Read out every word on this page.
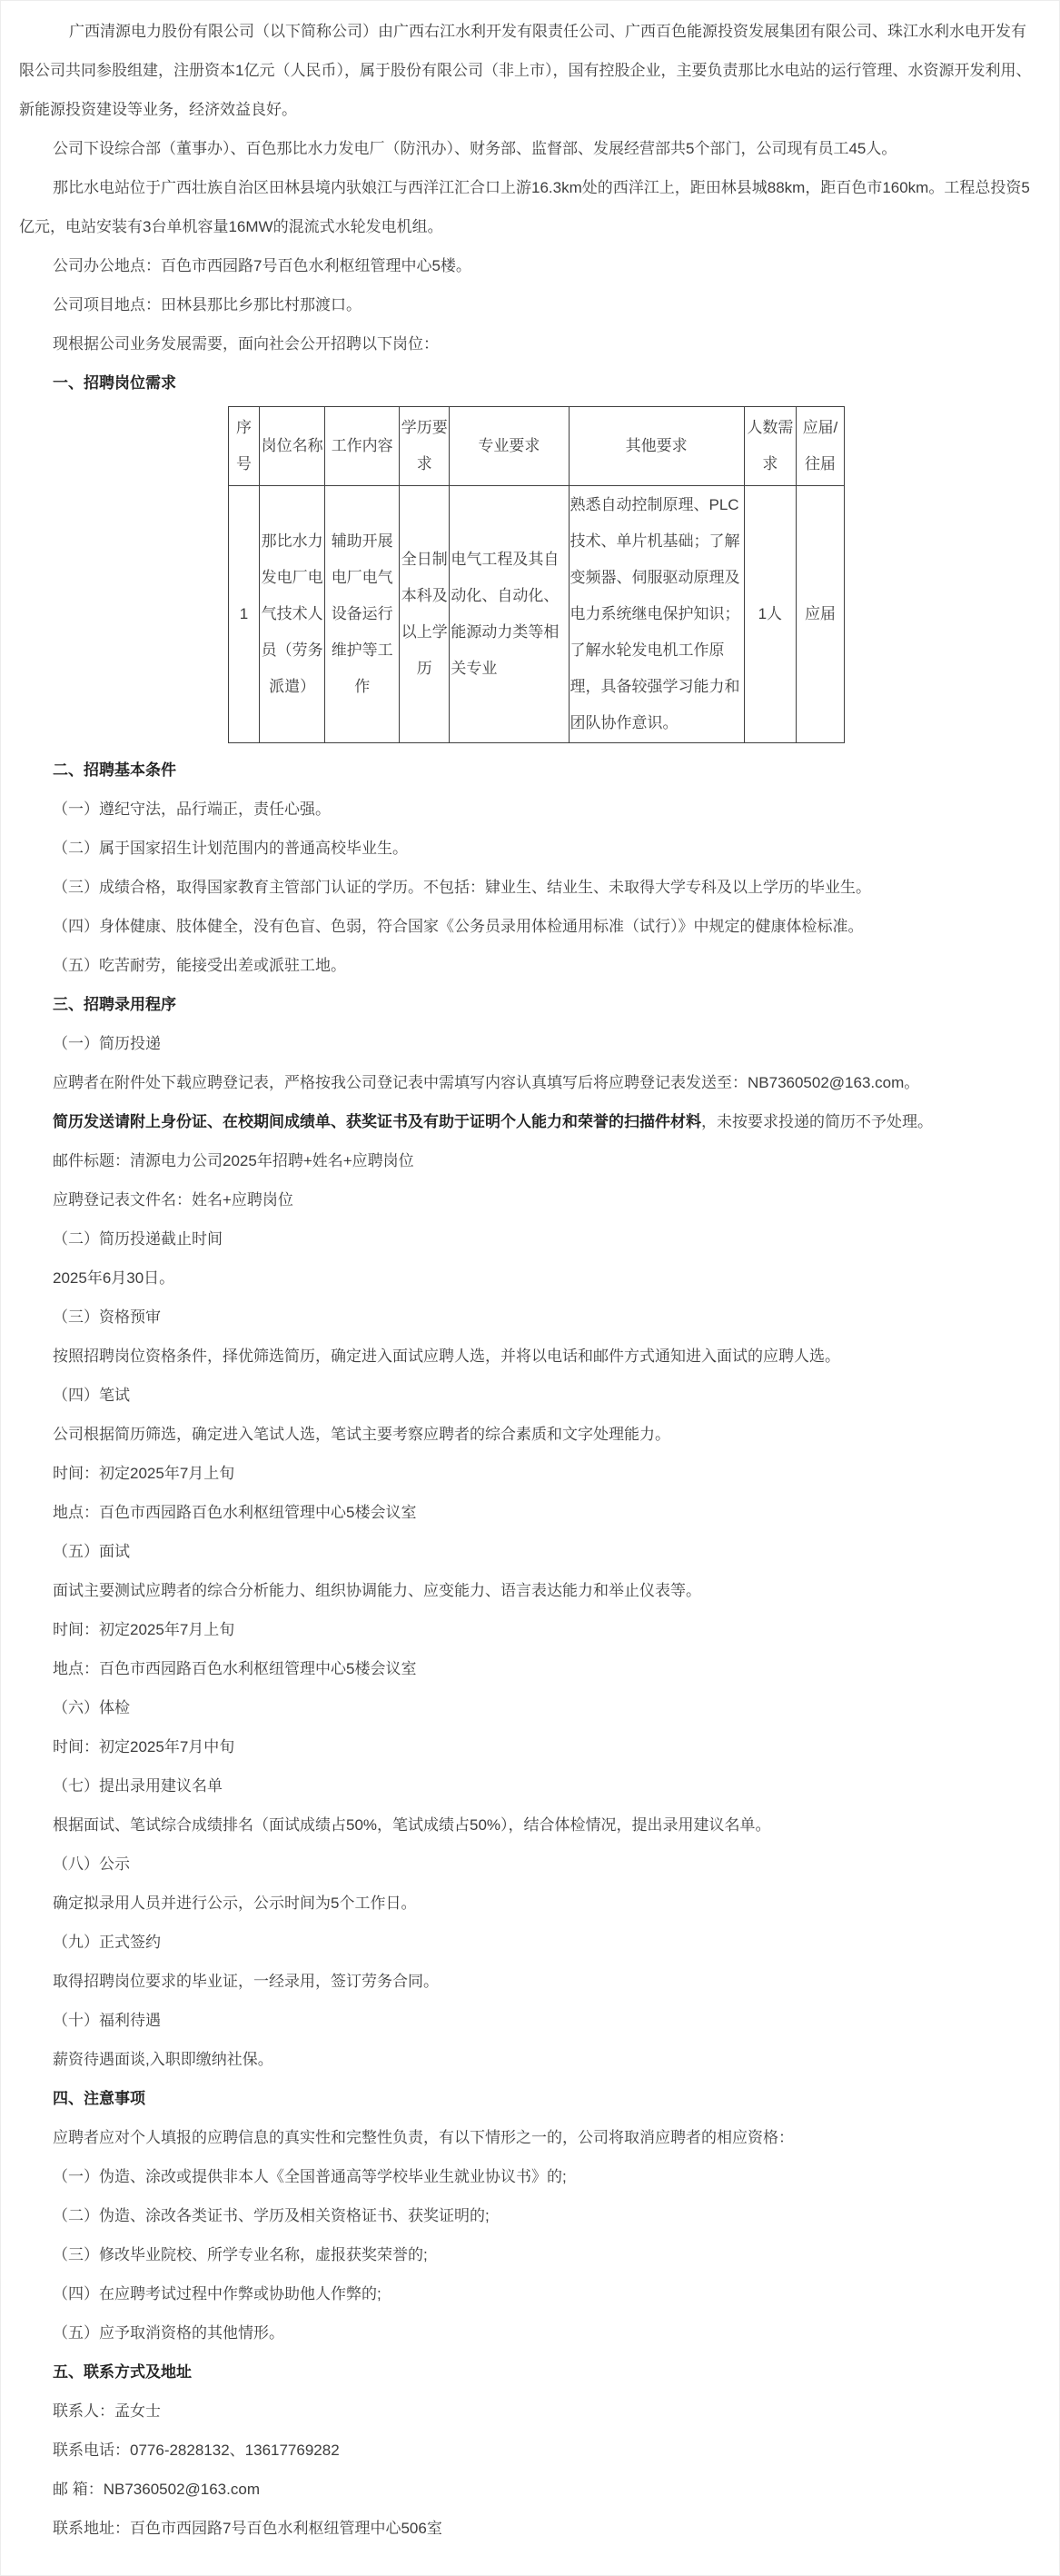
广西清源电力股份有限公司（以下简称公司）由广西右江水利开发有限责任公司、广西百色能源投资发展集团有限公司、珠江水利水电开发有限公司共同参股组建，注册资本1亿元（人民币），属于股份有限公司（非上市），国有控股企业，主要负责那比水电站的运行管理、水资源开发利用、新能源投资建设等业务，经济效益良好。

公司下设综合部（董事办）、百色那比水力发电厂（防汛办）、财务部、监督部、发展经营部共5个部门，公司现有员工45人。

那比水电站位于广西壮族自治区田林县境内驮娘江与西洋江汇合口上游16.3km处的西洋江上，距田林县城88km，距百色市160km。工程总投资5亿元，电站安装有3台单机容量16MW的混流式水轮发电机组。

公司办公地点：百色市西园路7号百色水利枢纽管理中心5楼。

公司项目地点：田林县那比乡那比村那渡口。

现根据公司业务发展需要，面向社会公开招聘以下岗位：

一、招聘岗位需求

序号	岗位名称	工作内容	学历要求	专业要求	其他要求	人数需求	应届/往届
1	那比水力发电厂电气技术人员（劳务派遣）	辅助开展电厂电气设备运行维护等工作	全日制本科及以上学历	电气工程及其自动化、自动化、能源动力类等相关专业	熟悉自动控制原理、PLC技术、单片机基础；了解变频器、伺服驱动原理及电力系统继电保护知识；了解水轮发电机工作原理，具备较强学习能力和团队协作意识。	1人	应届

二、招聘基本条件

（一）遵纪守法，品行端正，责任心强。

（二）属于国家招生计划范围内的普通高校毕业生。

（三）成绩合格，取得国家教育主管部门认证的学历。不包括：肄业生、结业生、未取得大学专科及以上学历的毕业生。

（四）身体健康、肢体健全，没有色盲、色弱，符合国家《公务员录用体检通用标准（试行）》中规定的健康体检标准。

（五）吃苦耐劳，能接受出差或派驻工地。

三、招聘录用程序

（一）简历投递

应聘者在附件处下载应聘登记表，严格按我公司登记表中需填写内容认真填写后将应聘登记表发送至：NB7360502@163.com。

简历发送请附上身份证、在校期间成绩单、获奖证书及有助于证明个人能力和荣誉的扫描件材料，未按要求投递的简历不予处理。

邮件标题：清源电力公司2025年招聘+姓名+应聘岗位

应聘登记表文件名：姓名+应聘岗位

（二）简历投递截止时间

2025年6月30日。

（三）资格预审

按照招聘岗位资格条件，择优筛选简历，确定进入面试应聘人选，并将以电话和邮件方式通知进入面试的应聘人选。

（四）笔试

公司根据简历筛选，确定进入笔试人选，笔试主要考察应聘者的综合素质和文字处理能力。

时间：初定2025年7月上旬

地点：百色市西园路百色水利枢纽管理中心5楼会议室

（五）面试

面试主要测试应聘者的综合分析能力、组织协调能力、应变能力、语言表达能力和举止仪表等。

时间：初定2025年7月上旬

地点：百色市西园路百色水利枢纽管理中心5楼会议室

（六）体检

时间：初定2025年7月中旬

（七）提出录用建议名单

根据面试、笔试综合成绩排名（面试成绩占50%，笔试成绩占50%），结合体检情况，提出录用建议名单。

（八）公示

确定拟录用人员并进行公示，公示时间为5个工作日。

（九）正式签约

取得招聘岗位要求的毕业证，一经录用，签订劳务合同。

（十）福利待遇

薪资待遇面谈,入职即缴纳社保。

四、注意事项

应聘者应对个人填报的应聘信息的真实性和完整性负责，有以下情形之一的，公司将取消应聘者的相应资格：

（一）伪造、涂改或提供非本人《全国普通高等学校毕业生就业协议书》的;

（二）伪造、涂改各类证书、学历及相关资格证书、获奖证明的;

（三）修改毕业院校、所学专业名称，虚报获奖荣誉的;

（四）在应聘考试过程中作弊或协助他人作弊的;

（五）应予取消资格的其他情形。

五、联系方式及地址

联系人：孟女士

联系电话：0776-2828132、13617769282

邮 箱：NB7360502@163.com

联系地址：百色市西园路7号百色水利枢纽管理中心506室
